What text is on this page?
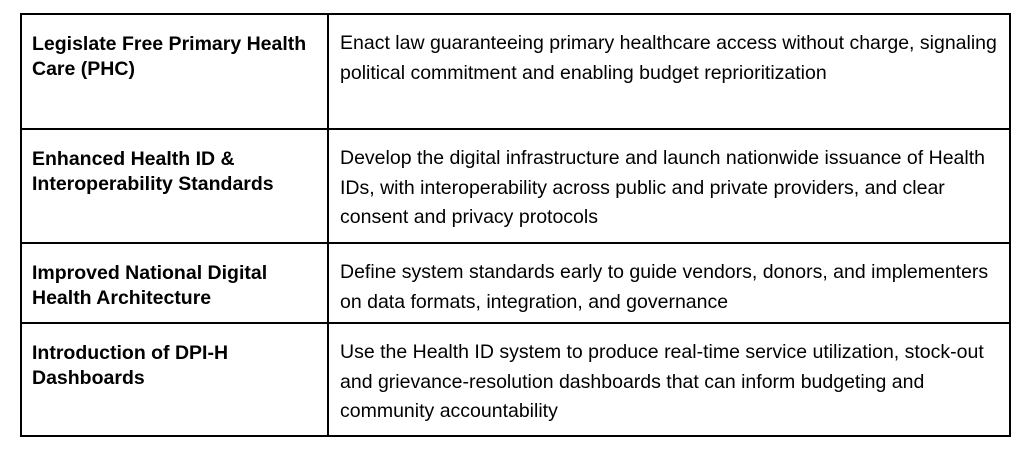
Legislate Free Primary Health Care (PHC)	Enact law guaranteeing primary healthcare access without charge, signaling political commitment and enabling budget reprioritization

Enhanced Health ID & Interoperability Standards	Develop the digital infrastructure and launch nationwide issuance of Health IDs, with interoperability across public and private providers, and clear consent and privacy protocols

Improved National Digital Health Architecture	Define system standards early to guide vendors, donors, and implementers on data formats, integration, and governance

Introduction of DPI-H Dashboards	Use the Health ID system to produce real-time service utilization, stock-out and grievance-resolution dashboards that can inform budgeting and community accountability
